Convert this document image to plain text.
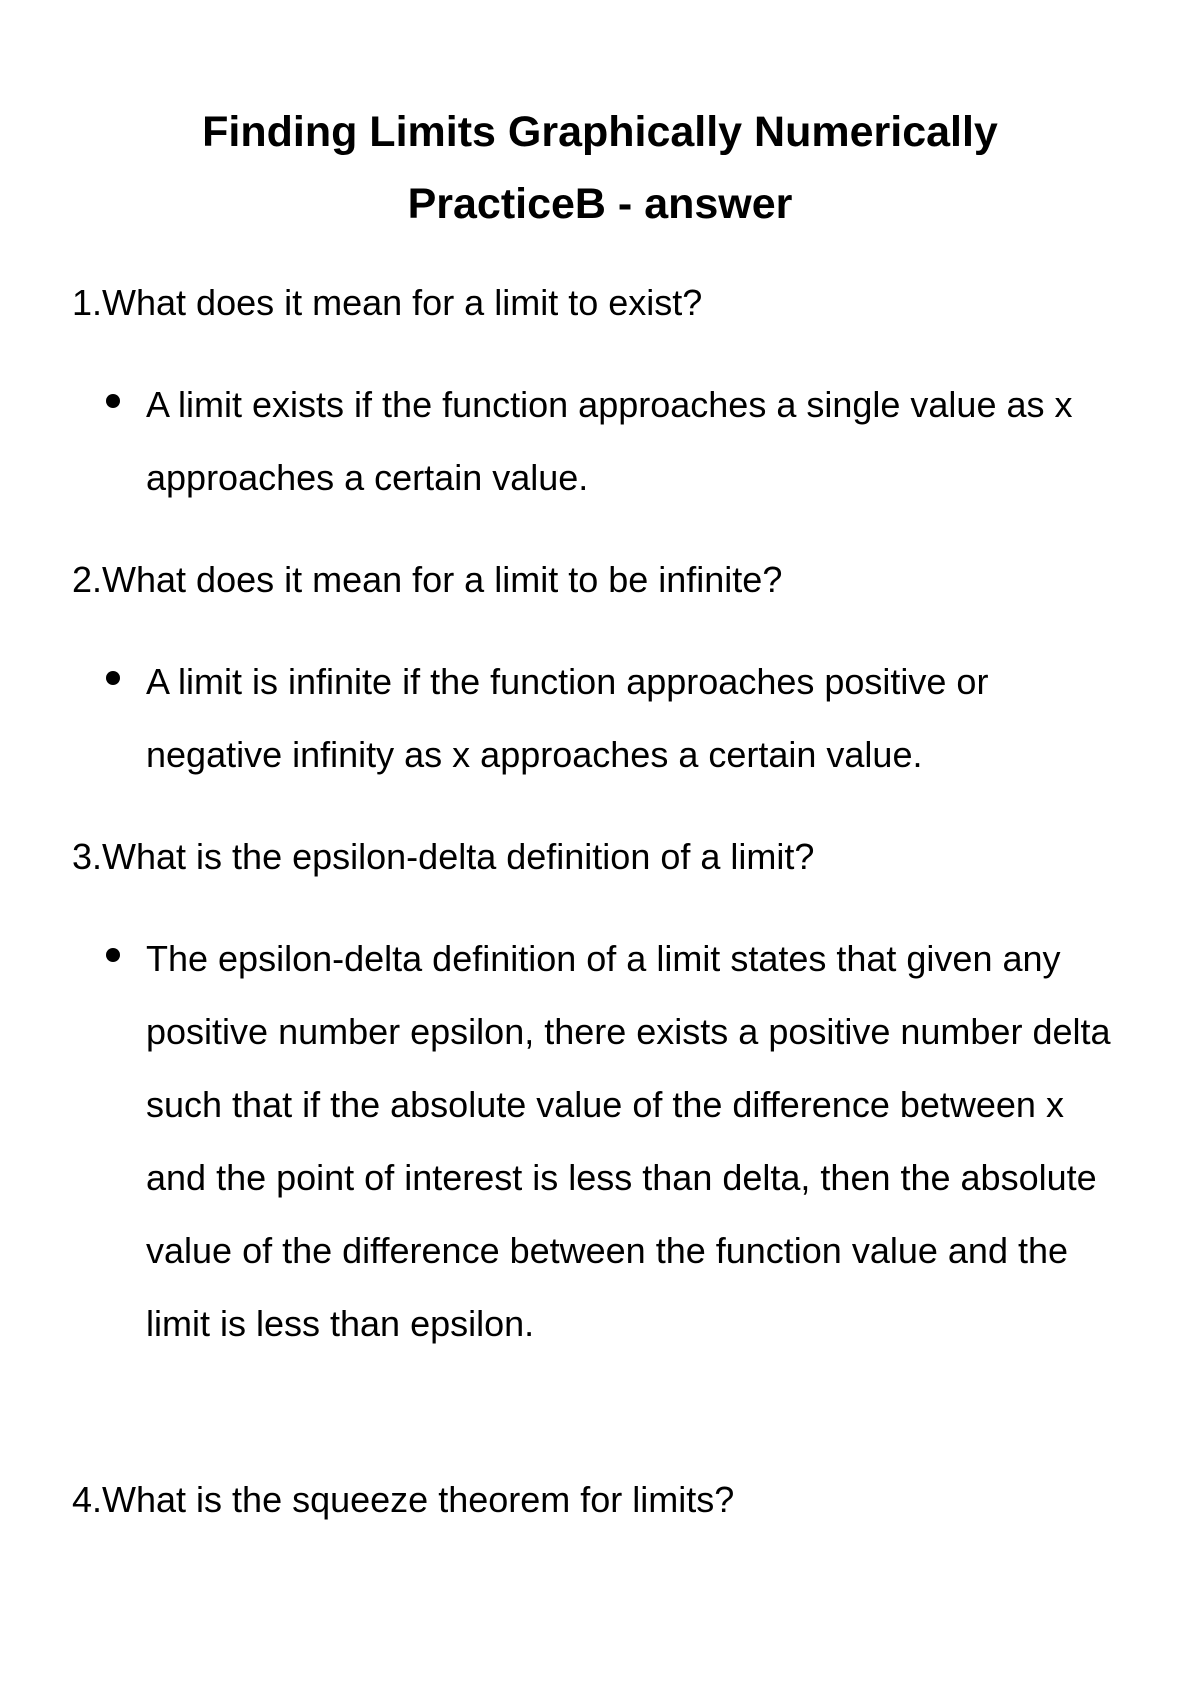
Finding Limits Graphically Numerically
PracticeB - answer

1.What does it mean for a limit to exist?

A limit exists if the function approaches a single value as x approaches a certain value.

2.What does it mean for a limit to be infinite?

A limit is infinite if the function approaches positive or negative infinity as x approaches a certain value.

3.What is the epsilon-delta definition of a limit?

The epsilon-delta definition of a limit states that given any positive number epsilon, there exists a positive number delta such that if the absolute value of the difference between x and the point of interest is less than delta, then the absolute value of the difference between the function value and the limit is less than epsilon.

4.What is the squeeze theorem for limits?
